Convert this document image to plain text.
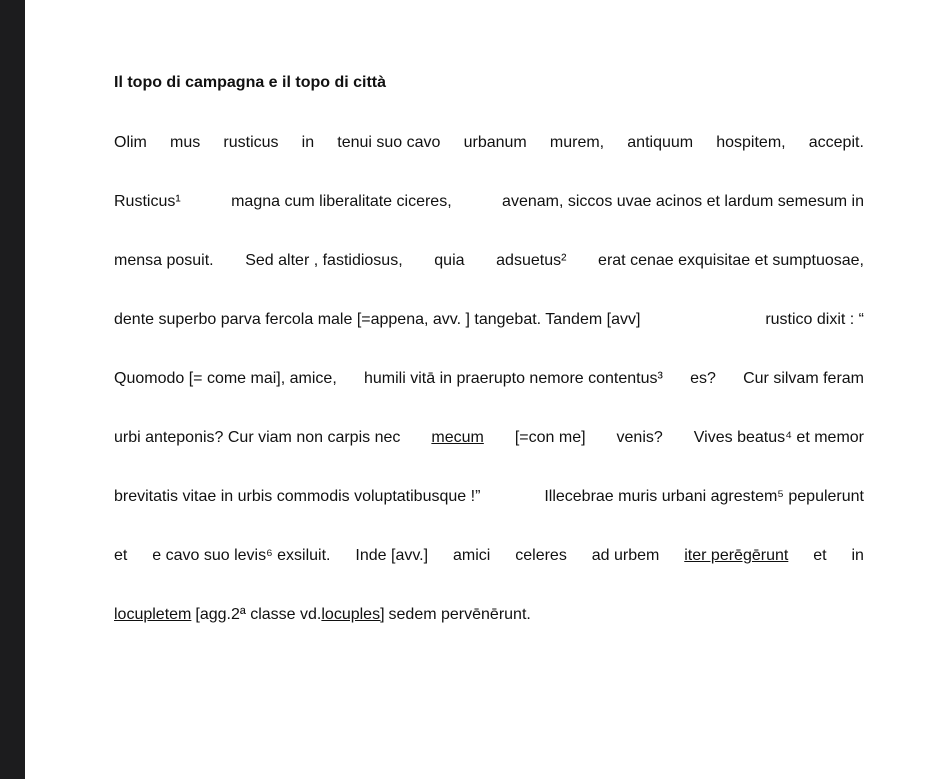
Il topo di campagna e il topo di città
Olim mus rusticus in tenui suo cavo urbanum murem, antiquum hospitem, accepit.
Rusticus¹	magna cum liberalitate ciceres,	avenam, siccos uvae acinos et lardum semesum in
mensa posuit. Sed alter , fastidiosus, quia adsuetus² erat cenae exquisitae et sumptuosae,
dente superbo parva fercola male [=appena, avv. ] tangebat. Tandem [avv]	rustico dixit : “
Quomodo [= come mai], amice, humili vitā in praerupto nemore contentus³ es? Cur silvam feram
urbi anteponis? Cur viam non carpis nec mecum [=con me] venis? Vives beatus⁴ et memor
brevitatis vitae in urbis commodis voluptatibusque !”	Illecebrae muris urbani agrestem⁵ pepulerunt
et e cavo suo levis⁶ exsiluit. Inde [avv.] amici celeres ad urbem iter perēgērunt et in
locupletem [agg.2ª classe vd. locuples] sedem pervēnērunt.
